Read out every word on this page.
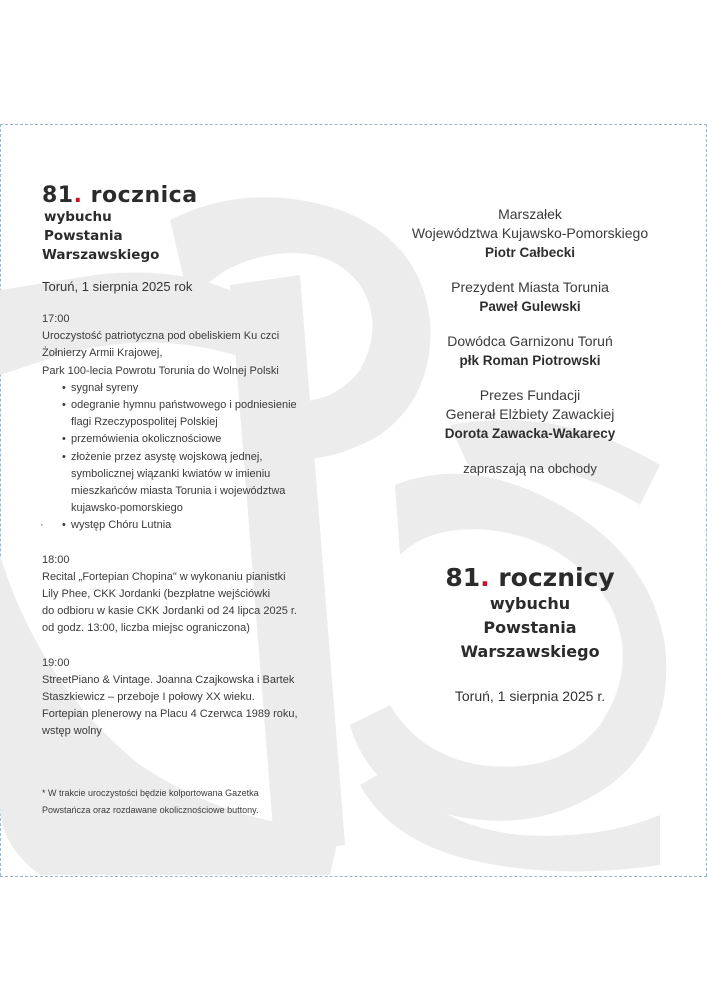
81. rocznica
wybuchu
Powstania
Warszawskiego
Toruń, 1 sierpnia 2025 rok
17:00
Uroczystość patriotyczna pod obeliskiem Ku czci
Żołnierzy Armii Krajowej,
Park 100-lecia Powrotu Torunia do Wolnej Polski
• sygnał syreny
• odegranie hymnu państwowego i podniesienie
flagi Rzeczypospolitej Polskiej
• przemówienia okolicznościowe
• złożenie przez asystę wojskową jednej,
symbolicznej wiązanki kwiatów w imieniu
mieszkańców miasta Torunia i województwa
kujawsko-pomorskiego
• · występ Chóru Lutnia
18:00
Recital „Fortepian Chopina" w wykonaniu pianistki
Lily Phee, CKK Jordanki (bezpłatne wejściówki
do odbioru w kasie CKK Jordanki od 24 lipca 2025 r.
od godz. 13:00, liczba miejsc ograniczona)
19:00
StreetPiano & Vintage. Joanna Czajkowska i Bartek
Staszkiewicz – przeboje I połowy XX wieku.
Fortepian plenerowy na Placu 4 Czerwca 1989 roku,
wstęp wolny
* W trakcie uroczystości będzie kolportowana Gazetka
Powstańcza oraz rozdawane okolicznościowe buttony.
Marszałek
Województwa Kujawsko-Pomorskiego
Piotr Całbecki
Prezydent Miasta Torunia
Paweł Gulewski
Dowódca Garnizonu Toruń
płk Roman Piotrowski
Prezes Fundacji
Generał Elżbiety Zawackiej
Dorota Zawacka-Wakarecy
zapraszają na obchody
81. rocznicy
wybuchu
Powstania
Warszawskiego
Toruń, 1 sierpnia 2025 r.
